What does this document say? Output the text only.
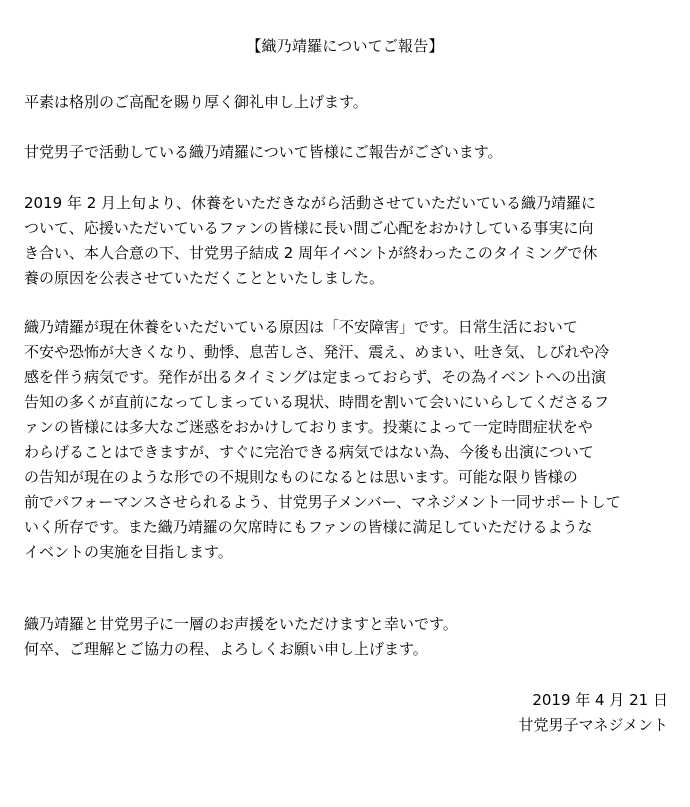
【織乃靖羅についてご報告】
平素は格別のご高配を賜り厚く御礼申し上げます。
甘党男子で活動している織乃靖羅について皆様にご報告がございます。
2019 年 2 月上旬より、休養をいただきながら活動させていただいている織乃靖羅に
ついて、応援いただいているファンの皆様に長い間ご心配をおかけしている事実に向
き合い、本人合意の下、甘党男子結成 2 周年イベントが終わったこのタイミングで休
養の原因を公表させていただくことといたしました。
織乃靖羅が現在休養をいただいている原因は「不安障害」です。日常生活において
不安や恐怖が大きくなり、動悸、息苦しさ、発汗、震え、めまい、吐き気、しびれや冷
感を伴う病気です。発作が出るタイミングは定まっておらず、その為イベントへの出演
告知の多くが直前になってしまっている現状、時間を割いて会いにいらしてくださるフ
ァンの皆様には多大なご迷惑をおかけしております。投薬によって一定時間症状をや
わらげることはできますが、すぐに完治できる病気ではない為、今後も出演について
の告知が現在のような形での不規則なものになるとは思います。可能な限り皆様の
前でパフォーマンスさせられるよう、甘党男子メンバー、マネジメント一同サポートして
いく所存です。また織乃靖羅の欠席時にもファンの皆様に満足していただけるような
イベントの実施を目指します。
織乃靖羅と甘党男子に一層のお声援をいただけますと幸いです。
何卒、ご理解とご協力の程、よろしくお願い申し上げます。
2019 年 4 月 21 日
甘党男子マネジメント
